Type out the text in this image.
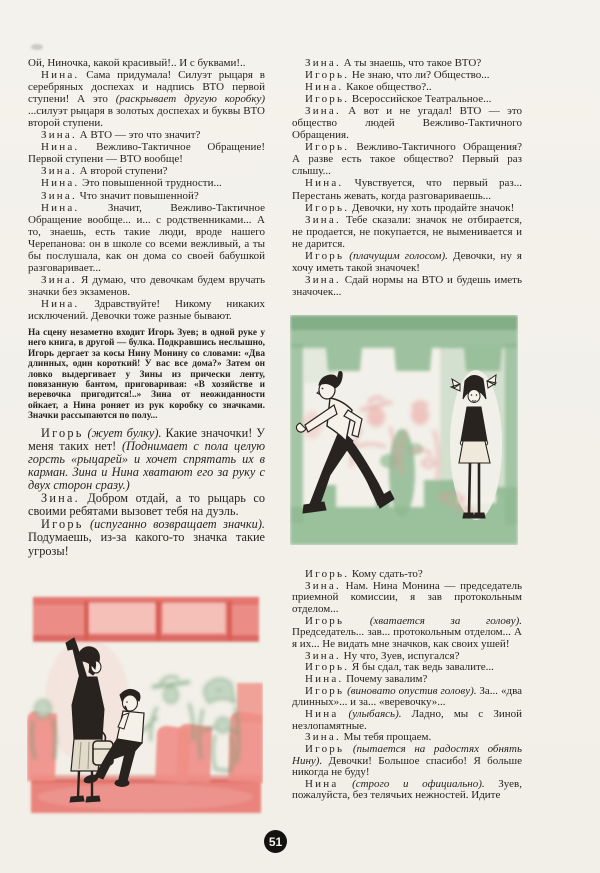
Ой, Ниночка, какой красивый!.. И с буквами!..

Нина. Сама придумала! Силуэт рыцаря в серебряных доспехах и надпись ВТО первой ступени! А это (раскрывает другую коробку) ...силуэт рыцаря в золотых доспехах и буквы ВТО второй ступени.

Зина. А ВТО — это что значит?

Нина. Вежливо-Тактичное Обращение! Первой ступени — ВТО вообще!

Зина. А второй ступени?

Нина. Это повышенной трудности...

Зина. Что значит повышенной?

Нина. Значит, Вежливо-Тактичное Обращение вообще... и... с родственниками... А то, знаешь, есть такие люди, вроде нашего Черепанова: он в школе со всеми вежливый, а ты бы послушала, как он дома со своей бабушкой разговаривает...

Зина. Я думаю, что девочкам будем вручать значки без экзаменов.

Нина. Здравствуйте! Никому никаких исключений. Девочки тоже разные бывают.

На сцену незаметно входит Игорь Зуев; в одной руке у него книга, в другой — булка. Подкравшись неслышно, Игорь дергает за косы Нину Монину со словами: «Два длинных, один короткий! У вас все дома?» Затем он ловко выдергивает у Зины из прически ленту, повязанную бантом, приговаривая: «В хозяйстве и веревочка пригодится!..» Зина от неожиданности ойкает, а Нина роняет из рук коробку со значками. Значки рассыпаются по полу...

Игорь (жует булку). Какие значочки! У меня таких нет! (Поднимает с пола целую горсть «рыцарей» и хочет спрятать их в карман. Зина и Нина хватают его за руку с двух сторон сразу.)

Зина. Добром отдай, а то рыцарь со своими ребятами вызовет тебя на дуэль.

Игорь (испуганно возвращает значки). Подумаешь, из-за какого-то значка такие угрозы!

Зина. А ты знаешь, что такое ВТО?

Игорь. Не знаю, что ли? Общество...

Нина. Какое общество?..

Игорь. Всероссийское Театральное...

Зина. А вот и не угадал! ВТО — это общество людей Вежливо-Тактичного Обращения.

Игорь. Вежливо-Тактичного Обращения? А разве есть такое общество? Первый раз слышу...

Нина. Чувствуется, что первый раз... Перестань жевать, когда разговариваешь...

Игорь. Девочки, ну хоть продайте значок!

Зина. Тебе сказали: значок не отбирается, не продается, не покупается, не выменивается и не дарится.

Игорь (плачущим голосом). Девочки, ну я хочу иметь такой значочек!

Зина. Сдай нормы на ВТО и будешь иметь значочек...

Игорь. Кому сдать-то?

Зина. Нам. Нина Монина — председатель приемной комиссии, я зав протокольным отделом...

Игорь (хватается за голову). Председатель... зав... протокольным отделом... А я их... Не видать мне значков, как своих ушей!

Зина. Ну что, Зуев, испугался?

Игорь. Я бы сдал, так ведь завалите...

Нина. Почему завалим?

Игорь (виновато опустив голову). За... «два длинных»... и за... «веревочку»...

Нина (улыбаясь). Ладно, мы с Зиной незлопамятные.

Зина. Мы тебя прощаем.

Игорь (пытается на радостях обнять Нину). Девочки! Большое спасибо! Я больше никогда не буду!

Нина (строго и официально). Зуев, пожалуйста, без телячьих нежностей. Идите

51
